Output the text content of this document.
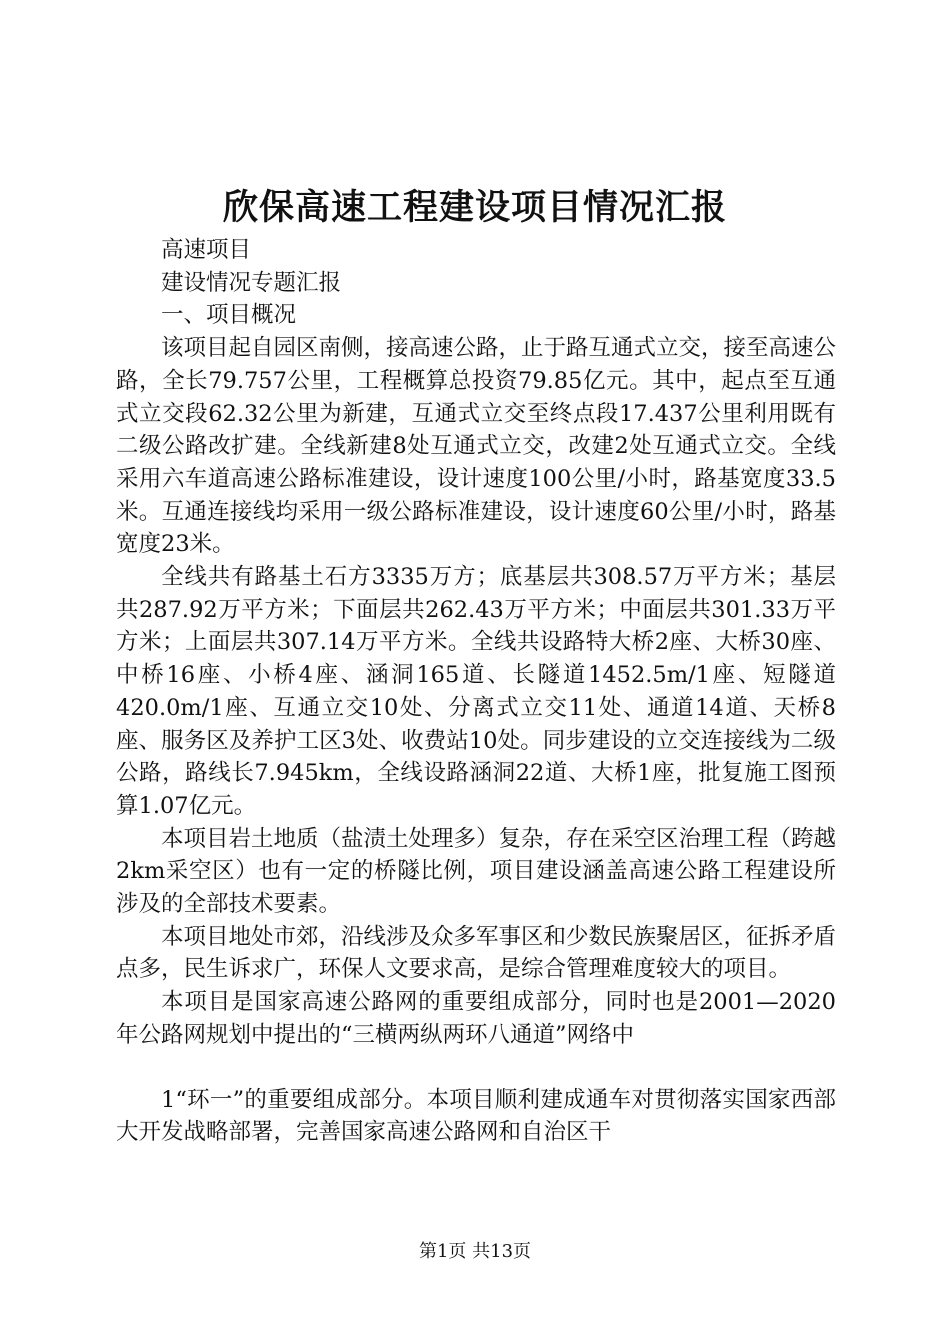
欣保高速工程建设项目情况汇报

高速项目

建设情况专题汇报

一、项目概况

该项目起自园区南侧，接高速公路，止于路互通式立交，接至高速公路，全长79.757公里，工程概算总投资79.85亿元。其中，起点至互通式立交段62.32公里为新建，互通式立交至终点段17.437公里利用既有二级公路改扩建。全线新建8处互通式立交，改建2处互通式立交。全线采用六车道高速公路标准建设，设计速度100公里/小时，路基宽度33.5米。互通连接线均采用一级公路标准建设，设计速度60公里/小时，路基宽度23米。

全线共有路基土石方3335万方；底基层共308.57万平方米；基层共287.92万平方米；下面层共262.43万平方米；中面层共301.33万平方米；上面层共307.14万平方米。全线共设路特大桥2座、大桥30座、中桥16座、小桥4座、涵洞165道、长隧道1452.5m/1座、短隧道420.0m/1座、互通立交10处、分离式立交11处、通道14道、天桥8座、服务区及养护工区3处、收费站10处。同步建设的立交连接线为二级公路，路线长7.945km，全线设路涵洞22道、大桥1座，批复施工图预算1.07亿元。

本项目岩土地质（盐渍土处理多）复杂，存在采空区治理工程（跨越2km采空区）也有一定的桥隧比例，项目建设涵盖高速公路工程建设所涉及的全部技术要素。

本项目地处市郊，沿线涉及众多军事区和少数民族聚居区，征拆矛盾点多，民生诉求广，环保人文要求高，是综合管理难度较大的项目。

本项目是国家高速公路网的重要组成部分，同时也是2001—2020年公路网规划中提出的“三横两纵两环八通道”网络中

1“环一”的重要组成部分。本项目顺利建成通车对贯彻落实国家西部大开发战略部署，完善国家高速公路网和自治区干

第1页 共13页
